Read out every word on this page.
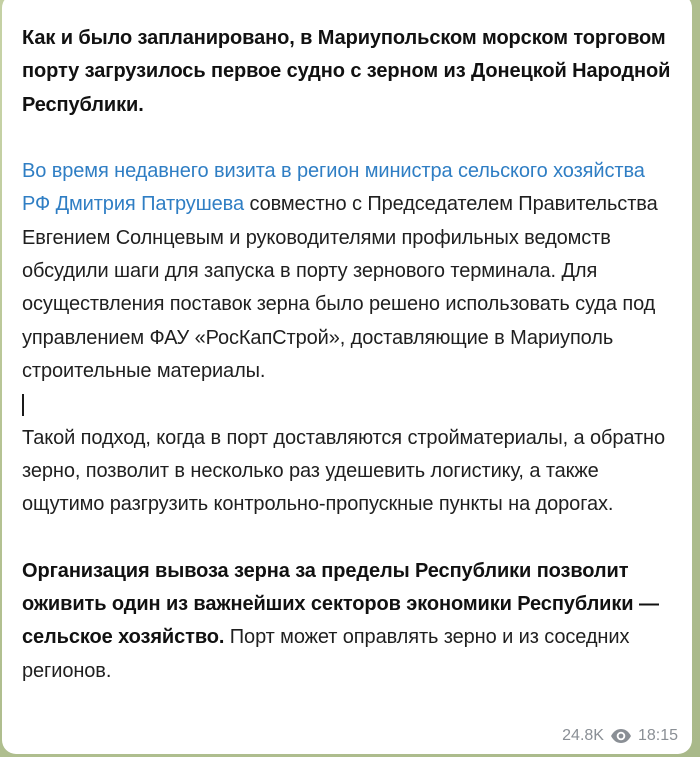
Как и было запланировано, в Мариупольском морском торговом порту загрузилось первое судно с зерном из Донецкой Народной Республики.

Во время недавнего визита в регион министра сельского хозяйства РФ Дмитрия Патрушева совместно с Председателем Правительства Евгением Солнцевым и руководителями профильных ведомств обсудили шаги для запуска в порту зернового терминала. Для осуществления поставок зерна было решено использовать суда под управлением ФАУ «РосКапСтрой», доставляющие в Мариуполь строительные материалы.

Такой подход, когда в порт доставляются стройматериалы, а обратно зерно, позволит в несколько раз удешевить логистику, а также ощутимо разгрузить контрольно-пропускные пункты на дорогах.

Организация вывоза зерна за пределы Республики позволит оживить один из важнейших секторов экономики Республики — сельское хозяйство. Порт может оправлять зерно и из соседних регионов.

24.8K 18:15
